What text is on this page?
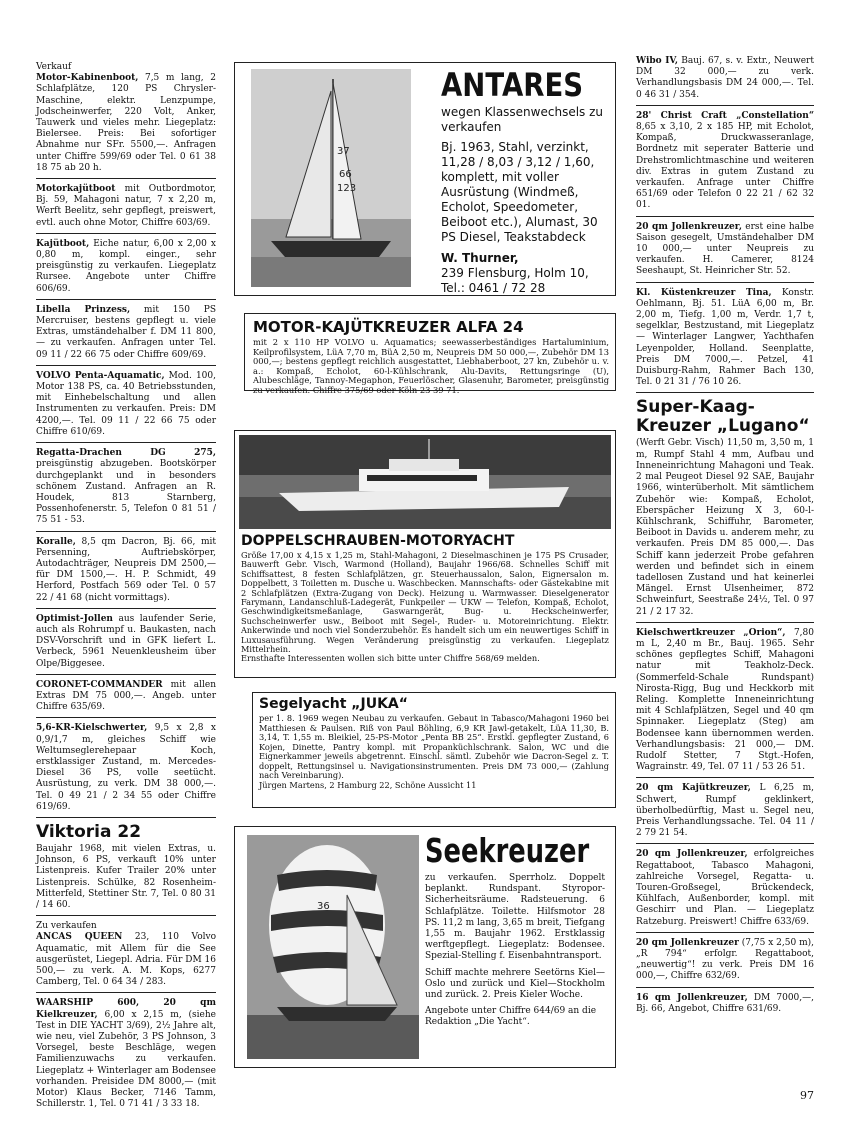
Verkauf
Motor-Kabinenboot, 7,5 m lang, 2 Schlafplätze, 120 PS Chrysler-Maschine, elektr. Lenzpumpe, Jodscheinwerfer, 220 Volt, Anker, Tauwerk und vieles mehr. Liegeplatz: Bielersee. Preis: Bei sofortiger Abnahme nur SFr. 5500,—. Anfragen unter Chiffre 599/69 oder Tel. 0 61 38 18 75 ab 20 h.
Motorkajütboot mit Outbordmotor, Bj. 59, Mahagoni natur, 7 x 2,20 m, Werft Beelitz, sehr gepflegt, preiswert, evtl. auch ohne Motor, Chiffre 603/69.
Kajütboot, Eiche natur, 6,00 x 2,00 x 0,80 m, kompl. einger., sehr preisgünstig zu verkaufen. Liegeplatz Rursee. Angebote unter Chiffre 606/69.
Libella Prinzess, mit 150 PS Mercruiser, bestens gepflegt u. viele Extras, umständehalber f. DM 11 800,— zu verkaufen. Anfragen unter Tel. 09 11 / 22 66 75 oder Chiffre 609/69.
VOLVO Penta-Aquamatic, Mod. 100, Motor 138 PS, ca. 40 Betriebsstunden, mit Einhebelschaltung und allen Instrumenten zu verkaufen. Preis: DM 4200,—. Tel. 09 11 / 22 66 75 oder Chiffre 610/69.
Regatta-Drachen DG 275, preisgünstig abzugeben. Bootskörper durchgeplankt und in besonders schönem Zustand. Anfragen an R. Houdek, 813 Starnberg, Possenhofenerstr. 5, Telefon 0 81 51 / 75 51 - 53.
Koralle, 8,5 qm Dacron, Bj. 66, mit Persenning, Auftriebskörper, Autodachträger, Neupreis DM 2500,— für DM 1500,—. H. P. Schmidt, 49 Herford, Postfach 569 oder Tel. 0 57 22 / 41 68 (nicht vormittags).
Optimist-Jollen aus laufender Serie, auch als Rohrumpf u. Baukasten, nach DSV-Vorschrift und in GFK liefert L. Verbeck, 5961 Neuenkleusheim über Olpe/Biggesee.
CORONET-COMMANDER mit allen Extras DM 75 000,—. Angeb. unter Chiffre 635/69.
5,6-KR-Kielschwerter, 9,5 x 2,8 x 0,9/1,7 m, gleiches Schiff wie Weltumseglerehepaar Koch, erstklassiger Zustand, m. Mercedes-Diesel 36 PS, volle seetücht. Ausrüstung, zu verk. DM 38 000,—. Tel. 0 49 21 / 2 34 55 oder Chiffre 619/69.
Viktoria 22
Baujahr 1968, mit vielen Extras, u. Johnson, 6 PS, verkauft 10% unter Listenpreis. Kufer Trailer 20% unter Listenpreis. Schülke, 82 Rosenheim-Mitterfeld, Stettiner Str. 7, Tel. 0 80 31 / 14 60.
Zu verkaufen
ANCAS QUEEN 23, 110 Volvo Aquamatic, mit Allem für die See ausgerüstet, Liegepl. Adria. Für DM 16 500,— zu verk. A. M. Kops, 6277 Camberg, Tel. 0 64 34 / 283.
WAARSHIP 600, 20 qm Kielkreuzer, 6,00 x 2,15 m, (siehe Test in DIE YACHT 3/69), 2½ Jahre alt, wie neu, viel Zubehör, 3 PS Johnson, 3 Vorsegel, beste Beschläge, wegen Familienzuwachs zu verkaufen. Liegeplatz + Winterlager am Bodensee vorhanden. Preisidee DM 8000,— (mit Motor) Klaus Becker, 7146 Tamm, Schillerstr. 1, Tel. 0 71 41 / 3 33 18.
Wibo IV, Bauj. 67, s. v. Extr., Neuwert DM 32 000,— zu verk. Verhandlungsbasis DM 24 000,—. Tel. 0 46 31 / 354.
28' Christ Craft „Constellation“ 8,65 x 3,10, 2 x 185 HP, mit Echolot, Kompaß, Druckwasseranlage, Bordnetz mit seperater Batterie und Drehstromlichtmaschine und weiteren div. Extras in gutem Zustand zu verkaufen. Anfrage unter Chiffre 651/69 oder Telefon 0 22 21 / 62 32 01.
20 qm Jollenkreuzer, erst eine halbe Saison gesegelt, Umständehalber DM 10 000,— unter Neupreis zu verkaufen. H. Camerer, 8124 Seeshaupt, St. Heinricher Str. 52.
Kl. Küstenkreuzer Tina, Konstr. Oehlmann, Bj. 51. LüA 6,00 m, Br. 2,00 m, Tiefg. 1,00 m, Verdr. 1,7 t, segelklar, Bestzustand, mit Liegeplatz — Winterlager Langwer, Yachthafen Leyenpolder, Holland. Seenplatte, Preis DM 7000,—. Petzel, 41 Duisburg-Rahm, Rahmer Bach 130, Tel. 0 21 31 / 76 10 26.
Super-Kaag-Kreuzer „Lugano“
(Werft Gebr. Visch) 11,50 m, 3,50 m, 1 m, Rumpf Stahl 4 mm, Aufbau und Inneneinrichtung Mahagoni und Teak. 2 mal Peugeot Diesel 92 SAE, Baujahr 1966, winterüberholt. Mit sämtlichem Zubehör wie: Kompaß, Echolot, Eberspächer Heizung X 3, 60-l-Kühlschrank, Schiffuhr, Barometer, Beiboot in Davids u. anderem mehr, zu verkaufen. Preis DM 85 000,—. Das Schiff kann jederzeit Probe gefahren werden und befindet sich in einem tadellosen Zustand und hat keinerlei Mängel. Ernst Ulsenheimer, 872 Schweinfurt, Seestraße 24½, Tel. 0 97 21 / 2 17 32.
Kielschwertkreuzer „Orion“, 7,80 m L, 2,40 m Br., Bauj. 1965. Sehr schönes gepflegtes Schiff, Mahagoni natur mit Teakholz-Deck. (Sommerfeld-Schale Rundspant) Nirosta-Rigg, Bug und Heckkorb mit Reling. Komplette Inneneinrichtung mit 4 Schlafplätzen, Segel und 40 qm Spinnaker. Liegeplatz (Steg) am Bodensee kann übernommen werden. Verhandlungsbasis: 21 000,— DM. Rudolf Stetter, 7 Stgt.-Hofen, Wagrainstr. 49, Tel. 07 11 / 53 26 51.
20 qm Kajütkreuzer, L 6,25 m, Schwert, Rumpf geklinkert, überholbedürftig, Mast u. Segel neu, Preis Verhandlungssache. Tel. 04 11 / 2 79 21 54.
20 qm Jollenkreuzer, erfolgreiches Regattaboot, Tabasco Mahagoni, zahlreiche Vorsegel, Regatta- u. Touren-Großsegel, Brückendeck, Kühlfach, Außenborder, kompl. mit Geschirr und Plan. — Liegeplatz Ratzeburg. Preiswert! Chiffre 633/69.
20 qm Jollenkreuzer (7,75 x 2,50 m), „R 794“ erfolgr. Regattaboot, „neuwertig“! zu verk. Preis DM 16 000,—, Chiffre 632/69.
16 qm Jollenkreuzer, DM 7000,—, Bj. 66, Angebot, Chiffre 631/69.
37
66
123
ANTARES
wegen Klassenwechsels zu verkaufen
Bj. 1963, Stahl, verzinkt, 11,28 / 8,03 / 3,12 / 1,60, komplett, mit voller Ausrüstung (Windmeß, Echolot, Speedometer, Beiboot etc.), Alumast, 30 PS Diesel, Teakstabdeck
W. Thurner,
239 Flensburg, Holm 10,
Tel.: 0461 / 72 28
MOTOR-KAJÜTKREUZER ALFA 24
mit 2 x 110 HP VOLVO u. Aquamatics; seewasserbeständiges Hartaluminium, Keilprofilsystem, LüA 7,70 m, BüA 2,50 m, Neupreis DM 50 000,—, Zubehör DM 13 000,—; bestens gepflegt reichlich ausgestattet, Liebhaberboot, 27 kn, Zubehör u. v. a.: Kompaß, Echolot, 60-l-Kühlschrank, Alu-Davits, Rettungsringe (U), Alubeschläge, Tannoy-Megaphon, Feuerlöscher, Glasenuhr, Barometer, preisgünstig zu verkaufen. Chiffre 375/69 oder Köln 23 39 71.
DOPPELSCHRAUBEN-MOTORYACHT
Größe 17,00 x 4,15 x 1,25 m, Stahl-Mahagoni, 2 Dieselmaschinen je 175 PS Crusader, Bauwerft Gebr. Visch, Warmond (Holland), Baujahr 1966/68. Schnelles Schiff mit Schiffsattest, 8 festen Schlafplätzen, gr. Steuerhaussalon, Salon, Eignersalon m. Doppelbett, 3 Toiletten m. Dusche u. Waschbecken. Mannschafts- oder Gästekabine mit 2 Schlafplätzen (Extra-Zugang von Deck). Heizung u. Warmwasser. Dieselgenerator Farymann, Landanschluß-Ladegerät, Funkpeiler — UKW — Telefon, Kompaß, Echolot, Geschwindigkeitsmeßanlage, Gaswarngerät, Bug- u. Heckscheinwerfer, Suchscheinwerfer usw., Beiboot mit Segel-, Ruder- u. Motoreinrichtung. Elektr. Ankerwinde und noch viel Sonderzubehör. Es handelt sich um ein neuwertiges Schiff in Luxusausführung. Wegen Veränderung preisgünstig zu verkaufen. Liegeplatz Mittelrhein.
Ernsthafte Interessenten wollen sich bitte unter Chiffre 568/69 melden.
Segelyacht „JUKA“
per 1. 8. 1969 wegen Neubau zu verkaufen. Gebaut in Tabasco/Mahagoni 1960 bei Matthiesen & Paulsen. Riß von Paul Böhling, 6,9 KR Jawl-getakelt, LüA 11,30, B. 3,14, T. 1,55 m. Bleikiel, 25-PS-Motor „Penta BB 25“. Erstkl. gepflegter Zustand, 6 Kojen, Dinette, Pantry kompl. mit Propanküchlschrank. Salon, WC und die Eignerkammer jeweils abgetrennt. Einschl. sämtl. Zubehör wie Dacron-Segel z. T. doppelt, Rettungsinsel u. Navigationsinstrumenten. Preis DM 73 000,— (Zahlung nach Vereinbarung).
Jürgen Martens, 2 Hamburg 22, Schöne Aussicht 11
36
Seekreuzer
zu verkaufen. Sperrholz. Doppelt beplankt. Rundspant. Styropor-Sicherheitsräume. Radsteuerung. 6 Schlafplätze. Toilette. Hilfsmotor 28 PS. 11,2 m lang, 3,65 m breit, Tiefgang 1,55 m. Baujahr 1962. Erstklassig werftgepflegt. Liegeplatz: Bodensee. Spezial-Stelling f. Eisenbahntransport.
Schiff machte mehrere Seetörns Kiel—Oslo und zurück und Kiel—Stockholm und zurück. 2. Preis Kieler Woche.
Angebote unter Chiffre 644/69 an die Redaktion „Die Yacht“.
97
